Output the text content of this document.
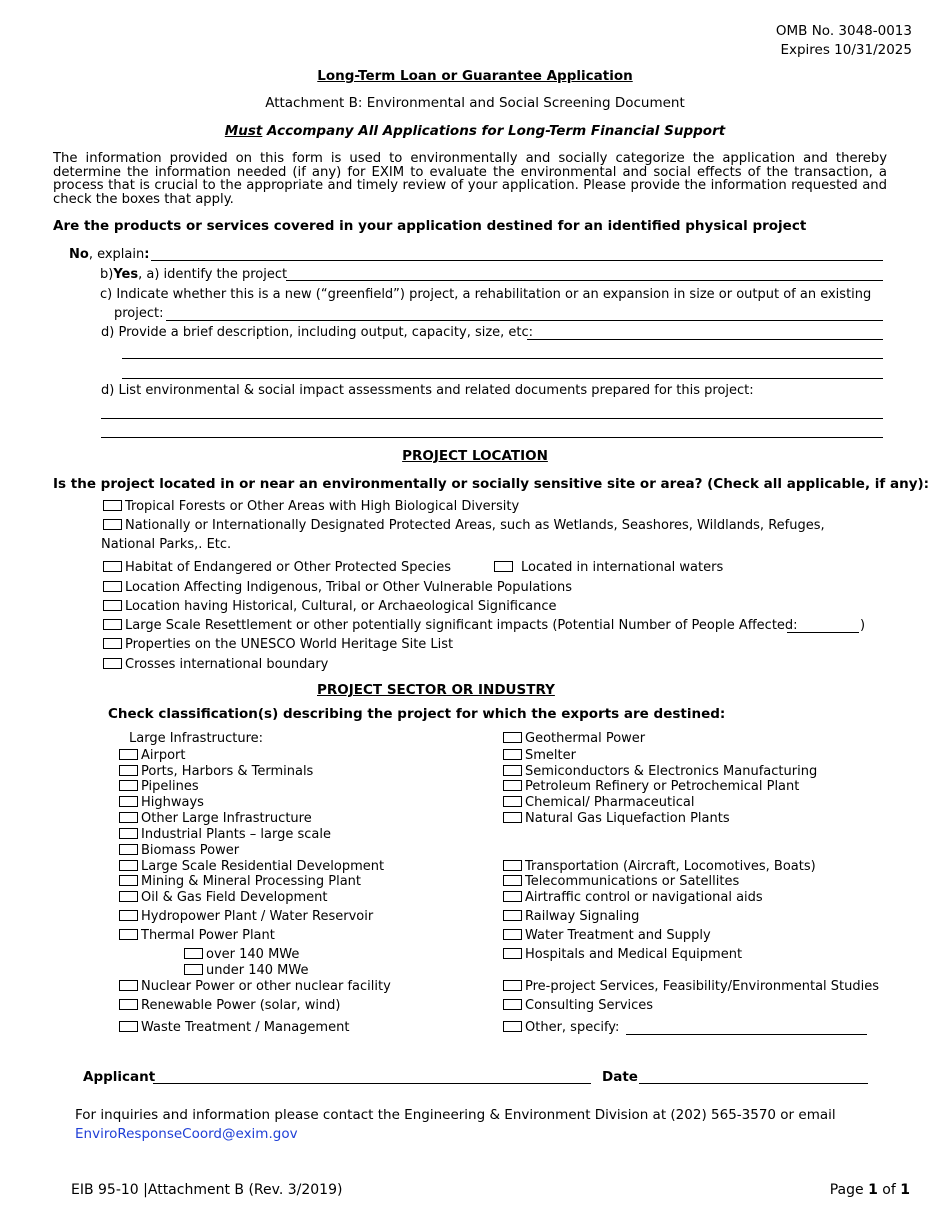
OMB No. 3048-0013
Expires 10/31/2025
Long-Term Loan or Guarantee Application
Attachment B: Environmental and Social Screening Document
Must Accompany All Applications for Long-Term Financial Support
The information provided on this form is used to environmentally and socially categorize the application and thereby determine the information needed (if any) for EXIM to evaluate the environmental and social effects of the transaction, a process that is crucial to the appropriate and timely review of your application. Please provide the information requested and check the boxes that apply.
Are the products or services covered in your application destined for an identified physical project
No, explain:
b)Yes, a) identify the project
c) Indicate whether this is a new (“greenfield”) project, a rehabilitation or an expansion in size or output of an existing
project:
d) Provide a brief description, including output, capacity, size, etc:
d) List environmental & social impact assessments and related documents prepared for this project:
PROJECT LOCATION
Is the project located in or near an environmentally or socially sensitive site or area? (Check all applicable, if any):
Tropical Forests or Other Areas with High Biological Diversity
Nationally or Internationally Designated Protected Areas, such as Wetlands, Seashores, Wildlands, Refuges,
National Parks,. Etc.
Habitat of Endangered or Other Protected Species	Located in international waters
Location Affecting Indigenous, Tribal or Other Vulnerable Populations
Location having Historical, Cultural, or Archaeological Significance
Large Scale Resettlement or other potentially significant impacts (Potential Number of People Affected:	)
Properties on the UNESCO World Heritage Site List
Crosses international boundary
PROJECT SECTOR OR INDUSTRY
Check classification(s) describing the project for which the exports are destined:
Large Infrastructure:
Airport
Ports, Harbors & Terminals
Pipelines
Highways
Other Large Infrastructure
Industrial Plants – large scale
Biomass Power
Large Scale Residential Development
Mining & Mineral Processing Plant
Oil & Gas Field Development
Hydropower Plant / Water Reservoir
Thermal Power Plant
over 140 MWe
under 140 MWe
Nuclear Power or other nuclear facility
Renewable Power (solar, wind)
Waste Treatment / Management
Geothermal Power
Smelter
Semiconductors & Electronics Manufacturing
Petroleum Refinery or Petrochemical Plant
Chemical/ Pharmaceutical
Natural Gas Liquefaction Plants
Transportation (Aircraft, Locomotives, Boats)
Telecommunications or Satellites
Airtraffic control or navigational aids
Railway Signaling
Water Treatment and Supply
Hospitals and Medical Equipment
Pre-project Services, Feasibility/Environmental Studies
Consulting Services
Other, specify:
Applicant	Date
For inquiries and information please contact the Engineering & Environment Division at (202) 565-3570 or email
EnviroResponseCoord@exim.gov
EIB 95-10 |Attachment B (Rev. 3/2019)	Page 1 of 1
